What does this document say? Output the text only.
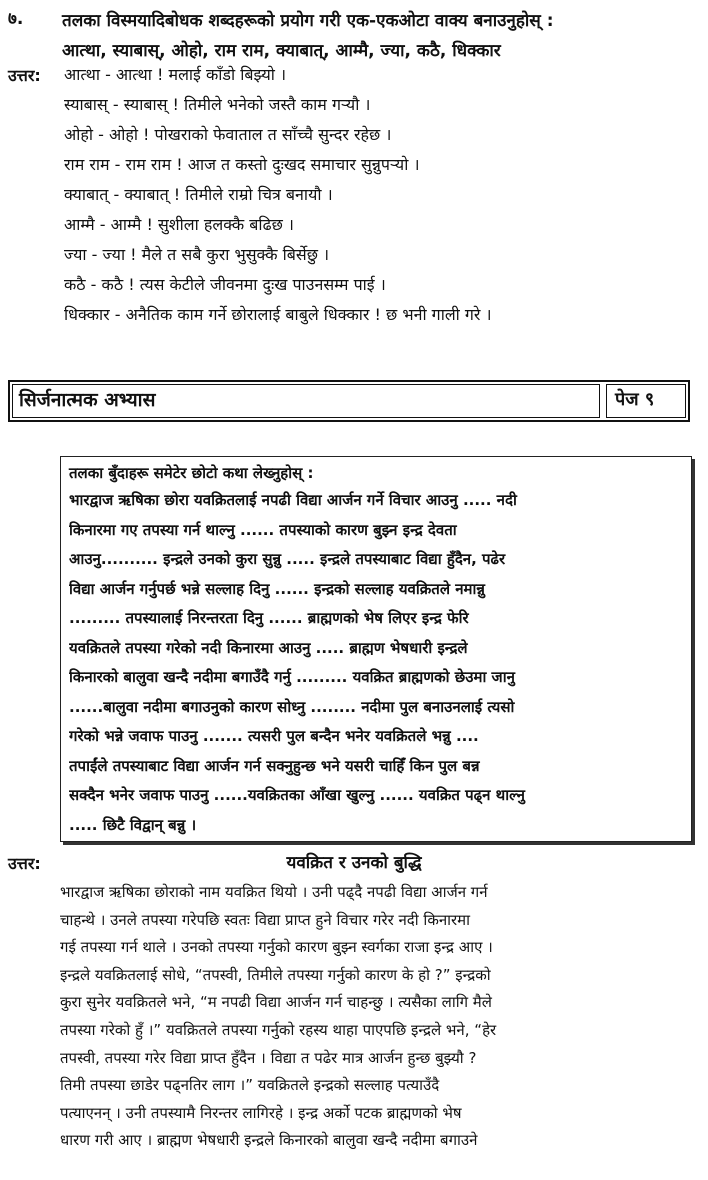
७. तलका विस्मयादिबोधक शब्दहरूको प्रयोग गरी एक-एकओटा वाक्य बनाउनुहोस् :
आत्था, स्याबास्, ओहो, राम राम, क्याबात्, आम्मै, ज्या, कठै, धिक्कार
उत्तर: आत्था - आत्था ! मलाई काँडो बिझ्यो ।
स्याबास् - स्याबास् ! तिमीले भनेको जस्तै काम गर्‍यौ ।
ओहो - ओहो ! पोखराको फेवाताल त साँच्चै सुन्दर रहेछ ।
राम राम - राम राम ! आज त कस्तो दुःखद समाचार सुन्नुपर्‍यो ।
क्याबात् - क्याबात् ! तिमीले राम्रो चित्र बनायौ ।
आम्मै - आम्मै ! सुशीला हलक्कै बढिछ ।
ज्या - ज्या ! मैले त सबै कुरा भुसुक्कै बिर्सेछु ।
कठै - कठै ! त्यस केटीले जीवनमा दुःख पाउनसम्म पाई ।
धिक्कार - अनैतिक काम गर्ने छोरालाई बाबुले धिक्कार ! छ भनी गाली गरे ।
सिर्जनात्मक अभ्यास	पेज ९
तलका बुँदाहरू समेटेर छोटो कथा लेख्नुहोस् :
भारद्वाज ऋषिका छोरा यवक्रितलाई नपढी विद्या आर्जन गर्ने विचार आउनु ..... नदी
किनारमा गए तपस्या गर्न थाल्नु ...... तपस्याको कारण बुझ्न इन्द्र देवता
आउनु.......... इन्द्रले उनको कुरा सुन्नु ..... इन्द्रले तपस्याबाट विद्या हुँदैन, पढेर
विद्या आर्जन गर्नुपर्छ भन्ने सल्लाह दिनु ...... इन्द्रको सल्लाह यवक्रितले नमान्नु
......... तपस्यालाई निरन्तरता दिनु ...... ब्राह्मणको भेष लिएर इन्द्र फेरि
यवक्रितले तपस्या गरेको नदी किनारमा आउनु ..... ब्राह्मण भेषधारी इन्द्रले
किनारको बालुवा खन्दै नदीमा बगाउँदै गर्नु ......... यवक्रित ब्राह्मणको छेउमा जानु
......बालुवा नदीमा बगाउनुको कारण सोध्नु ........ नदीमा पुल बनाउनलाई त्यसो
गरेको भन्ने जवाफ पाउनु ....... त्यसरी पुल बन्दैन भनेर यवक्रितले भन्नु ....
तपाईंले तपस्याबाट विद्या आर्जन गर्न सक्नुहुन्छ भने यसरी चाहिँ किन पुल बन्न
सक्दैन भनेर जवाफ पाउनु ......यवक्रितका आँखा खुल्नु ...... यवक्रित पढ्न थाल्नु
..... छिटै विद्वान् बन्नु ।
उत्तर:	यवक्रित र उनको बुद्धि
भारद्वाज ऋषिका छोराको नाम यवक्रित थियो । उनी पढ्दै नपढी विद्या आर्जन गर्न
चाहन्थे । उनले तपस्या गरेपछि स्वतः विद्या प्राप्त हुने विचार गरेर नदी किनारमा
गई तपस्या गर्न थाले । उनको तपस्या गर्नुको कारण बुझ्न स्वर्गका राजा इन्द्र आए ।
इन्द्रले यवक्रितलाई सोधे, “तपस्वी, तिमीले तपस्या गर्नुको कारण के हो ?” इन्द्रको
कुरा सुनेर यवक्रितले भने, “म नपढी विद्या आर्जन गर्न चाहन्छु । त्यसैका लागि मैले
तपस्या गरेको हुँ ।” यवक्रितले तपस्या गर्नुको रहस्य थाहा पाएपछि इन्द्रले भने, “हेर
तपस्वी, तपस्या गरेर विद्या प्राप्त हुँदैन । विद्या त पढेर मात्र आर्जन हुन्छ बुझ्यौ ?
तिमी तपस्या छाडेर पढ्नतिर लाग ।” यवक्रितले इन्द्रको सल्लाह पत्याउँदै
पत्याएनन् । उनी तपस्यामै निरन्तर लागिरहे । इन्द्र अर्को पटक ब्राह्मणको भेष
धारण गरी आए । ब्राह्मण भेषधारी इन्द्रले किनारको बालुवा खन्दै नदीमा बगाउने
